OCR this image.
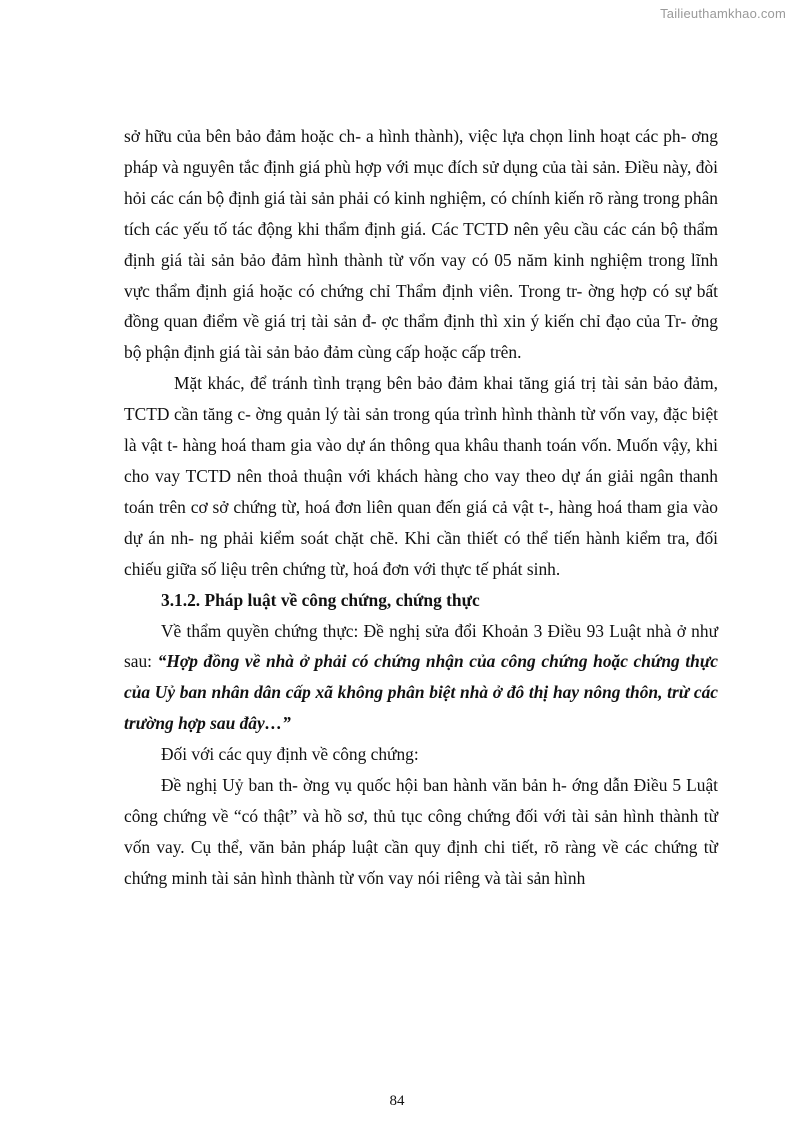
Tailieuthamkhao.com

sở hữu của bên bảo đảm hoặc ch- a hình thành), việc lựa chọn linh hoạt các ph- ơng pháp và nguyên tắc định giá phù hợp với mục đích sử dụng của tài sản. Điều này, đòi hỏi các cán bộ định giá tài sản phải có kinh nghiệm, có chính kiến rõ ràng trong phân tích các yếu tố tác động khi thẩm định giá. Các TCTD nên yêu cầu các cán bộ thẩm định giá tài sản bảo đảm hình thành từ vốn vay có 05 năm kinh nghiệm trong lĩnh vực thẩm định giá hoặc có chứng chỉ Thẩm định viên. Trong tr- ờng hợp có sự bất đồng quan điểm về giá trị tài sản đ- ợc thẩm định thì xin ý kiến chỉ đạo của Tr- ởng bộ phận định giá tài sản bảo đảm cùng cấp hoặc cấp trên.

Mặt khác, để tránh tình trạng bên bảo đảm khai tăng giá trị tài sản bảo đảm, TCTD cần tăng c- ờng quản lý tài sản trong qúa trình hình thành từ vốn vay, đặc biệt là vật t- hàng hoá tham gia vào dự án thông qua khâu thanh toán vốn. Muốn vậy, khi cho vay TCTD nên thoả thuận với khách hàng cho vay theo dự án giải ngân thanh toán trên cơ sở chứng từ, hoá đơn liên quan đến giá cả vật t-, hàng hoá tham gia vào dự án nh- ng phải kiểm soát chặt chẽ. Khi cần thiết có thể tiến hành kiểm tra, đối chiếu giữa số liệu trên chứng từ, hoá đơn với thực tế phát sinh.

3.1.2. Pháp luật về công chứng, chứng thực

Về thẩm quyền chứng thực: Đề nghị sửa đổi Khoản 3 Điều 93 Luật nhà ở như sau: “Hợp đồng về nhà ở phải có chứng nhận của công chứng hoặc chứng thực của Uỷ ban nhân dân cấp xã không phân biệt nhà ở đô thị hay nông thôn, trừ các trường hợp sau đây…”

Đối với các quy định về công chứng:

Đề nghị Uỷ ban th- ờng vụ quốc hội ban hành văn bản h- ớng dẫn Điều 5 Luật công chứng về “có thật” và hồ sơ, thủ tục công chứng đối với tài sản hình thành từ vốn vay. Cụ thể, văn bản pháp luật cần quy định chi tiết, rõ ràng về các chứng từ chứng minh tài sản hình thành từ vốn vay nói riêng và tài sản hình

84
